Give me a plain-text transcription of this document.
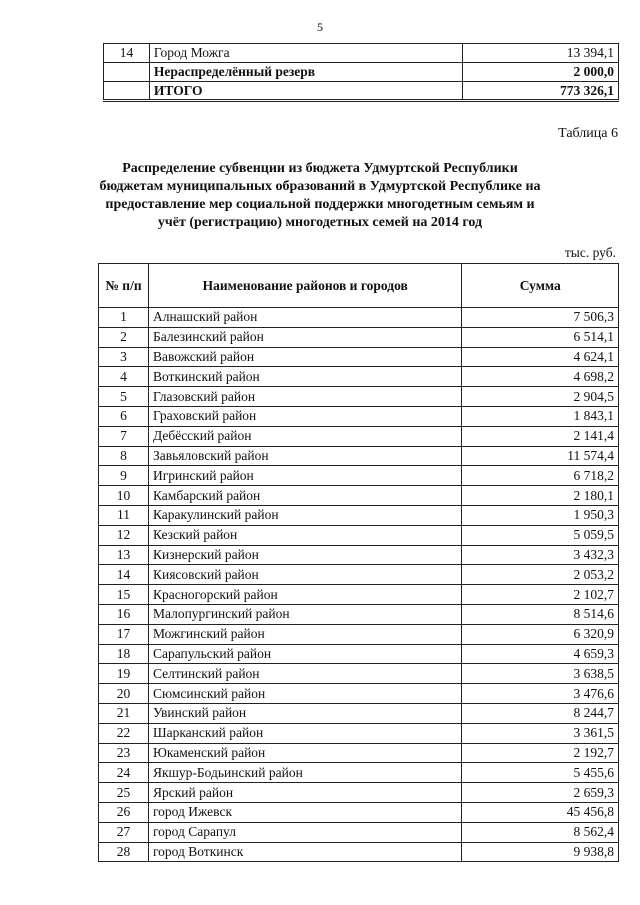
5
14	Город Можга	13 394,1
	Нераспределённый резерв	2 000,0
	ИТОГО	773 326,1
Таблица 6
Распределение субвенции из бюджета Удмуртской Республики бюджетам муниципальных образований в Удмуртской Республике на предоставление мер социальной поддержки многодетным семьям и учёт (регистрацию) многодетных семей на 2014 год
тыс. руб.
№ п/п	Наименование районов и городов	Сумма
1	Алнашский район	7 506,3
2	Балезинский район	6 514,1
3	Вавожский район	4 624,1
4	Воткинский район	4 698,2
5	Глазовский район	2 904,5
6	Граховский район	1 843,1
7	Дебёсский район	2 141,4
8	Завьяловский район	11 574,4
9	Игринский район	6 718,2
10	Камбарский район	2 180,1
11	Каракулинский район	1 950,3
12	Кезский район	5 059,5
13	Кизнерский район	3 432,3
14	Киясовский район	2 053,2
15	Красногорский район	2 102,7
16	Малопургинский район	8 514,6
17	Можгинский район	6 320,9
18	Сарапульский район	4 659,3
19	Селтинский район	3 638,5
20	Сюмсинский район	3 476,6
21	Увинский район	8 244,7
22	Шарканский район	3 361,5
23	Юкаменский район	2 192,7
24	Якшур-Бодьинский район	5 455,6
25	Ярский район	2 659,3
26	город Ижевск	45 456,8
27	город Сарапул	8 562,4
28	город Воткинск	9 938,8
